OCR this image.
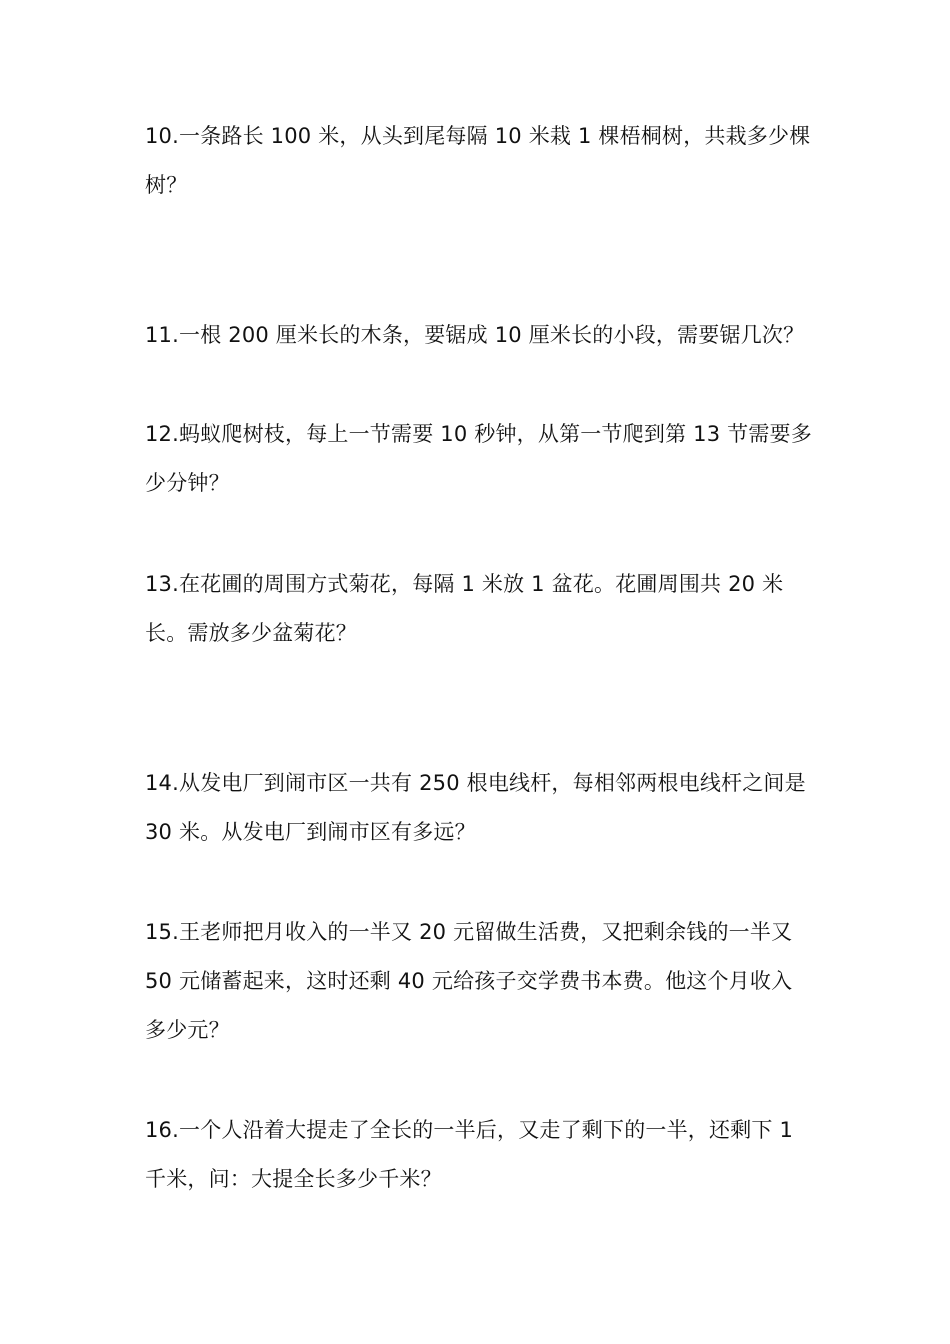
10.一条路长 100 米，从头到尾每隔 10 米栽 1 棵梧桐树，共栽多少棵树？

11.一根 200 厘米长的木条，要锯成 10 厘米长的小段，需要锯几次？

12.蚂蚁爬树枝，每上一节需要 10 秒钟，从第一节爬到第 13 节需要多少分钟？

13.在花圃的周围方式菊花，每隔 1 米放 1 盆花。花圃周围共 20 米长。需放多少盆菊花？

14.从发电厂到闹市区一共有 250 根电线杆，每相邻两根电线杆之间是 30 米。从发电厂到闹市区有多远？

15.王老师把月收入的一半又 20 元留做生活费，又把剩余钱的一半又 50 元储蓄起来，这时还剩 40 元给孩子交学费书本费。他这个月收入多少元？

16.一个人沿着大提走了全长的一半后，又走了剩下的一半，还剩下 1 千米，问：大提全长多少千米？
